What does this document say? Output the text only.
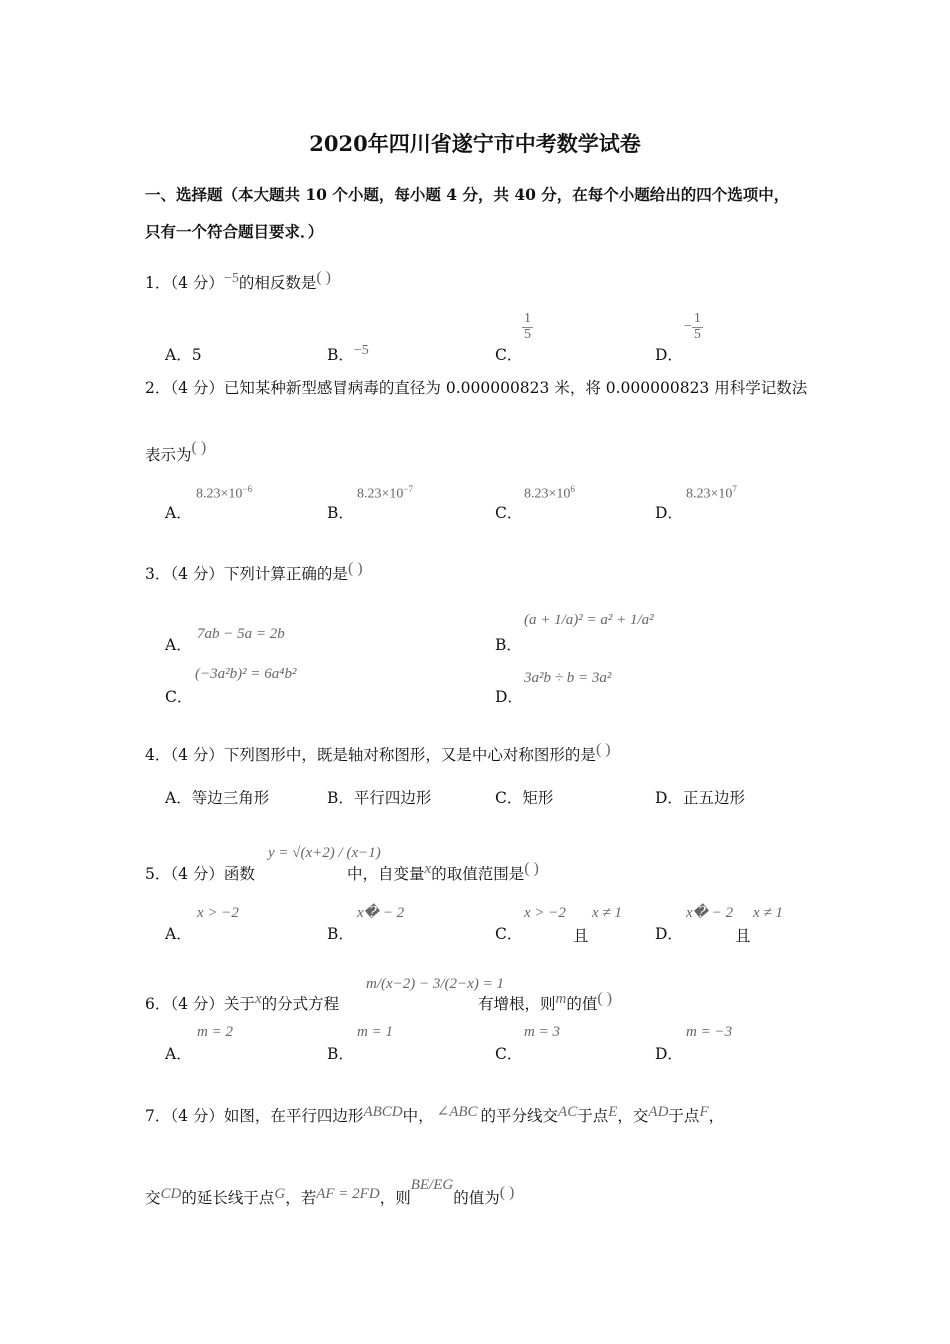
2020年四川省遂宁市中考数学试卷
一、选择题（本大题共 10 个小题，每小题 4 分，共 40 分，在每个小题给出的四个选项中，
只有一个符合题目要求．）
1．（4 分）−5的相反数是( )
A．5	B．−5	C．
$\frac{1}{5}$
D．
− $\frac{1}{5}$
2．（4 分）已知某种新型感冒病毒的直径为 0.000000823 米，将 0.000000823 用科学记数法
表示为( )
A．
$8.23\times 10^{-6}$
B．
$8.23\times 10^{-7}$
C．
$8.23\times 10^6$
D．
$8.23\times 10^7$
3．（4 分）下列计算正确的是( )
A．
7ab − 5a = 2b
B．
(a + 1/a)² = a² + 1/a²
C．
(−3a²b)² = 6a⁴b²
D．
3a²b ÷ b = 3a²
4．（4 分）下列图形中，既是轴对称图形，又是中心对称图形的是( )
A．等边三角形	B．平行四边形	C．矩形	D．正五边形
5．（4 分）函数
y = √(x+2) / (x−1)
中，自变量x的取值范围是( )
A．
x > −2
B．
x� − 2
C．
x > −2
且
x ≠ 1
D．
x� − 2
且
x ≠ 1
6．（4 分）关于x的分式方程
m/(x−2) − 3/(2−x) = 1
有增根，则m的值( )
A．
m = 2
B．
m = 1
C．
m = 3
D．
m = −3
7．（4 分）如图，在平行四边形ABCD中， ∠ABC 的平分线交AC于点E，交AD于点F，
交CD的延长线于点G，若AF = 2FD，则BE/EG的值为( )
